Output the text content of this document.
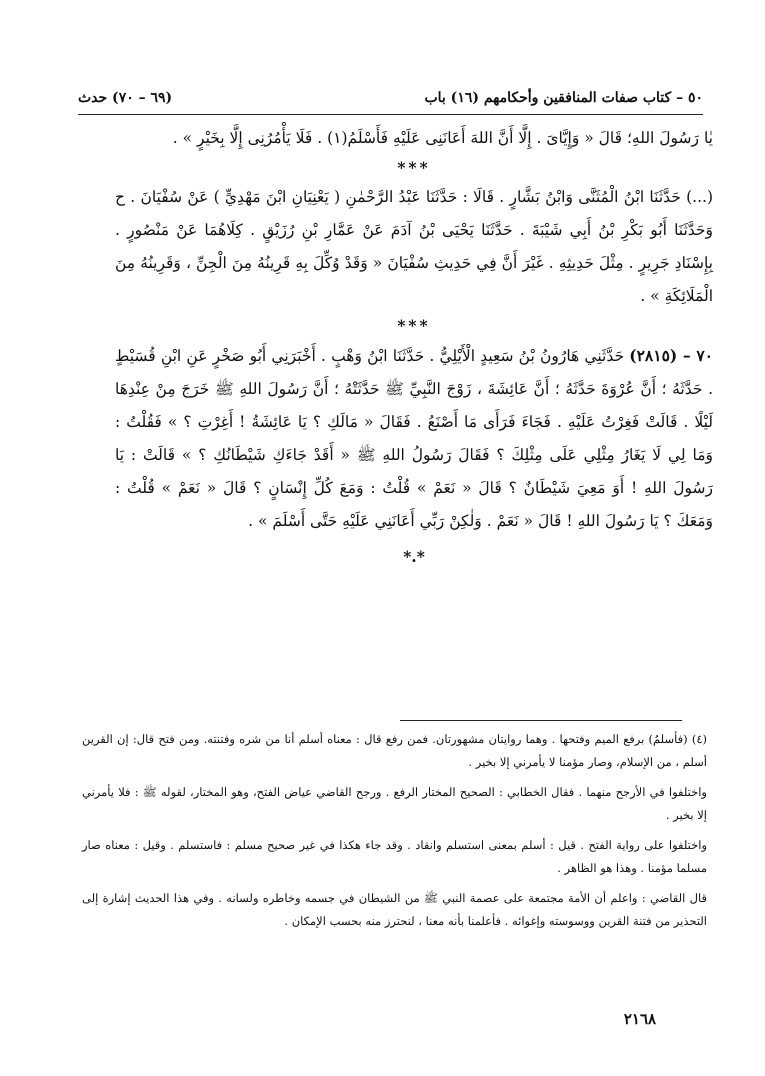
٥٠ – كتاب صفات المنافقين وأحكامهم (١٦) باب
(٦٩ – ٧٠) حدث

يٰا رَسُولَ اللهِ؛ قَالَ « وَإِيَّاىَ . إِلَّا أَنَّ اللهَ أَعَانَنِى عَلَيْهِ فَأَسْلَمُ(١) . فَلَا يَأْمُرُنِى إِلَّا بِخَيْرٍ » .

***

(...) حَدَّثَنَا ابْنُ الْمُثَنَّى وَابْنُ بَشَّارٍ . قَالَا : حَدَّثَنَا عَبْدُ الرَّحْمٰنِ ( يَعْنِيَانِ ابْنَ مَهْدِيٍّ ) عَنْ سُفْيَانَ . ح وَحَدَّثَنَا أَبُو بَكْرِ بْنُ أَبِي شَيْبَةَ . حَدَّثَنَا يَحْيَى بْنُ آدَمَ عَنْ عَمَّارِ بْنِ رُزَيْقٍ . كِلَاهُمَا عَنْ مَنْصُورٍ . بِإِسْنَادِ جَرِيرٍ . مِثْلَ حَدِيثِهِ . غَيْرَ أَنَّ فِي حَدِيثِ سُفْيَانَ « وَقَدْ وُكِّلَ بِهِ قَرِينُهُ مِنَ الْجِنِّ ، وَقَرِينُهُ مِنَ الْمَلَائِكَةِ » .

***

٧٠ – (٢٨١٥) حَدَّثَنِي هَارُونُ بْنُ سَعِيدٍ الْأَيْلِيُّ . حَدَّثَنَا ابْنُ وَهْبٍ . أَخْبَرَنِي أَبُو صَخْرٍ عَنِ ابْنِ قُسَيْطٍ . حَدَّثَهُ ؛ أَنَّ عُرْوَةَ حَدَّثَهُ ؛ أَنَّ عَائِشَةَ ، زَوْجَ النَّبِيِّ ﷺ حَدَّثَتْهُ ؛ أَنَّ رَسُولَ اللهِ ﷺ خَرَجَ مِنْ عِنْدِهَا لَيْلًا . قَالَتْ فَغِرْتُ عَلَيْهِ . فَجَاءَ فَرَأَى مَا أَصْنَعُ . فَقَالَ « مَالَكِ ؟ يَا عَائِشَةُ ! أَغِرْتِ ؟ » فَقُلْتُ : وَمَا لِي لَا يَغَارُ مِثْلِي عَلَى مِثْلِكَ ؟ فَقَالَ رَسُولُ اللهِ ﷺ « أَقَدْ جَاءَكِ شَيْطَانُكِ ؟ » قَالَتْ : يَا رَسُولَ اللهِ ! أَوَ مَعِيَ شَيْطَانٌ ؟ قَالَ « نَعَمْ » قُلْتُ : وَمَعَ كُلِّ إِنْسَانٍ ؟ قَالَ « نَعَمْ » قُلْتُ : وَمَعَكَ ؟ يَا رَسُولَ اللهِ ! قَالَ « نَعَمْ . وَلٰكِنْ رَبِّي أَعَانَنِي عَلَيْهِ حَتَّى أَسْلَمَ » .

*.*

(٤) (فأسلمُ) برفع الميم وفتحها . وهما روايتان مشهورتان. فمن رفع قال : معناه أسلم أنا من شره وفتنته. ومن فتح قال: إن القرين أسلم ، من الإسلام، وصار مؤمنا لا يأمرني إلا بخير .

واختلفوا في الأرجح منهما . فقال الخطابي : الصحيح المختار الرفع . ورجح القاضي عياض الفتح، وهو المختار، لقوله ﷺ : فلا يأمرني إلا بخير .

واختلفوا على رواية الفتح . قيل : أسلم بمعنى استسلم وانقاد . وقد جاء هكذا في غير صحيح مسلم : فاستسلم . وقيل : معناه صار مسلما مؤمنا . وهذا هو الظاهر .

قال القاضي : واعلم أن الأمة مجتمعة على عصمة النبي ﷺ من الشيطان في جسمه وخاطره ولسانه . وفي هذا الحديث إشارة إلى التحذير من فتنة القرين ووسوسته وإغوائه . فأعلمنا بأنه معنا ، لنحترز منه بحسب الإمكان .

٢١٦٨
